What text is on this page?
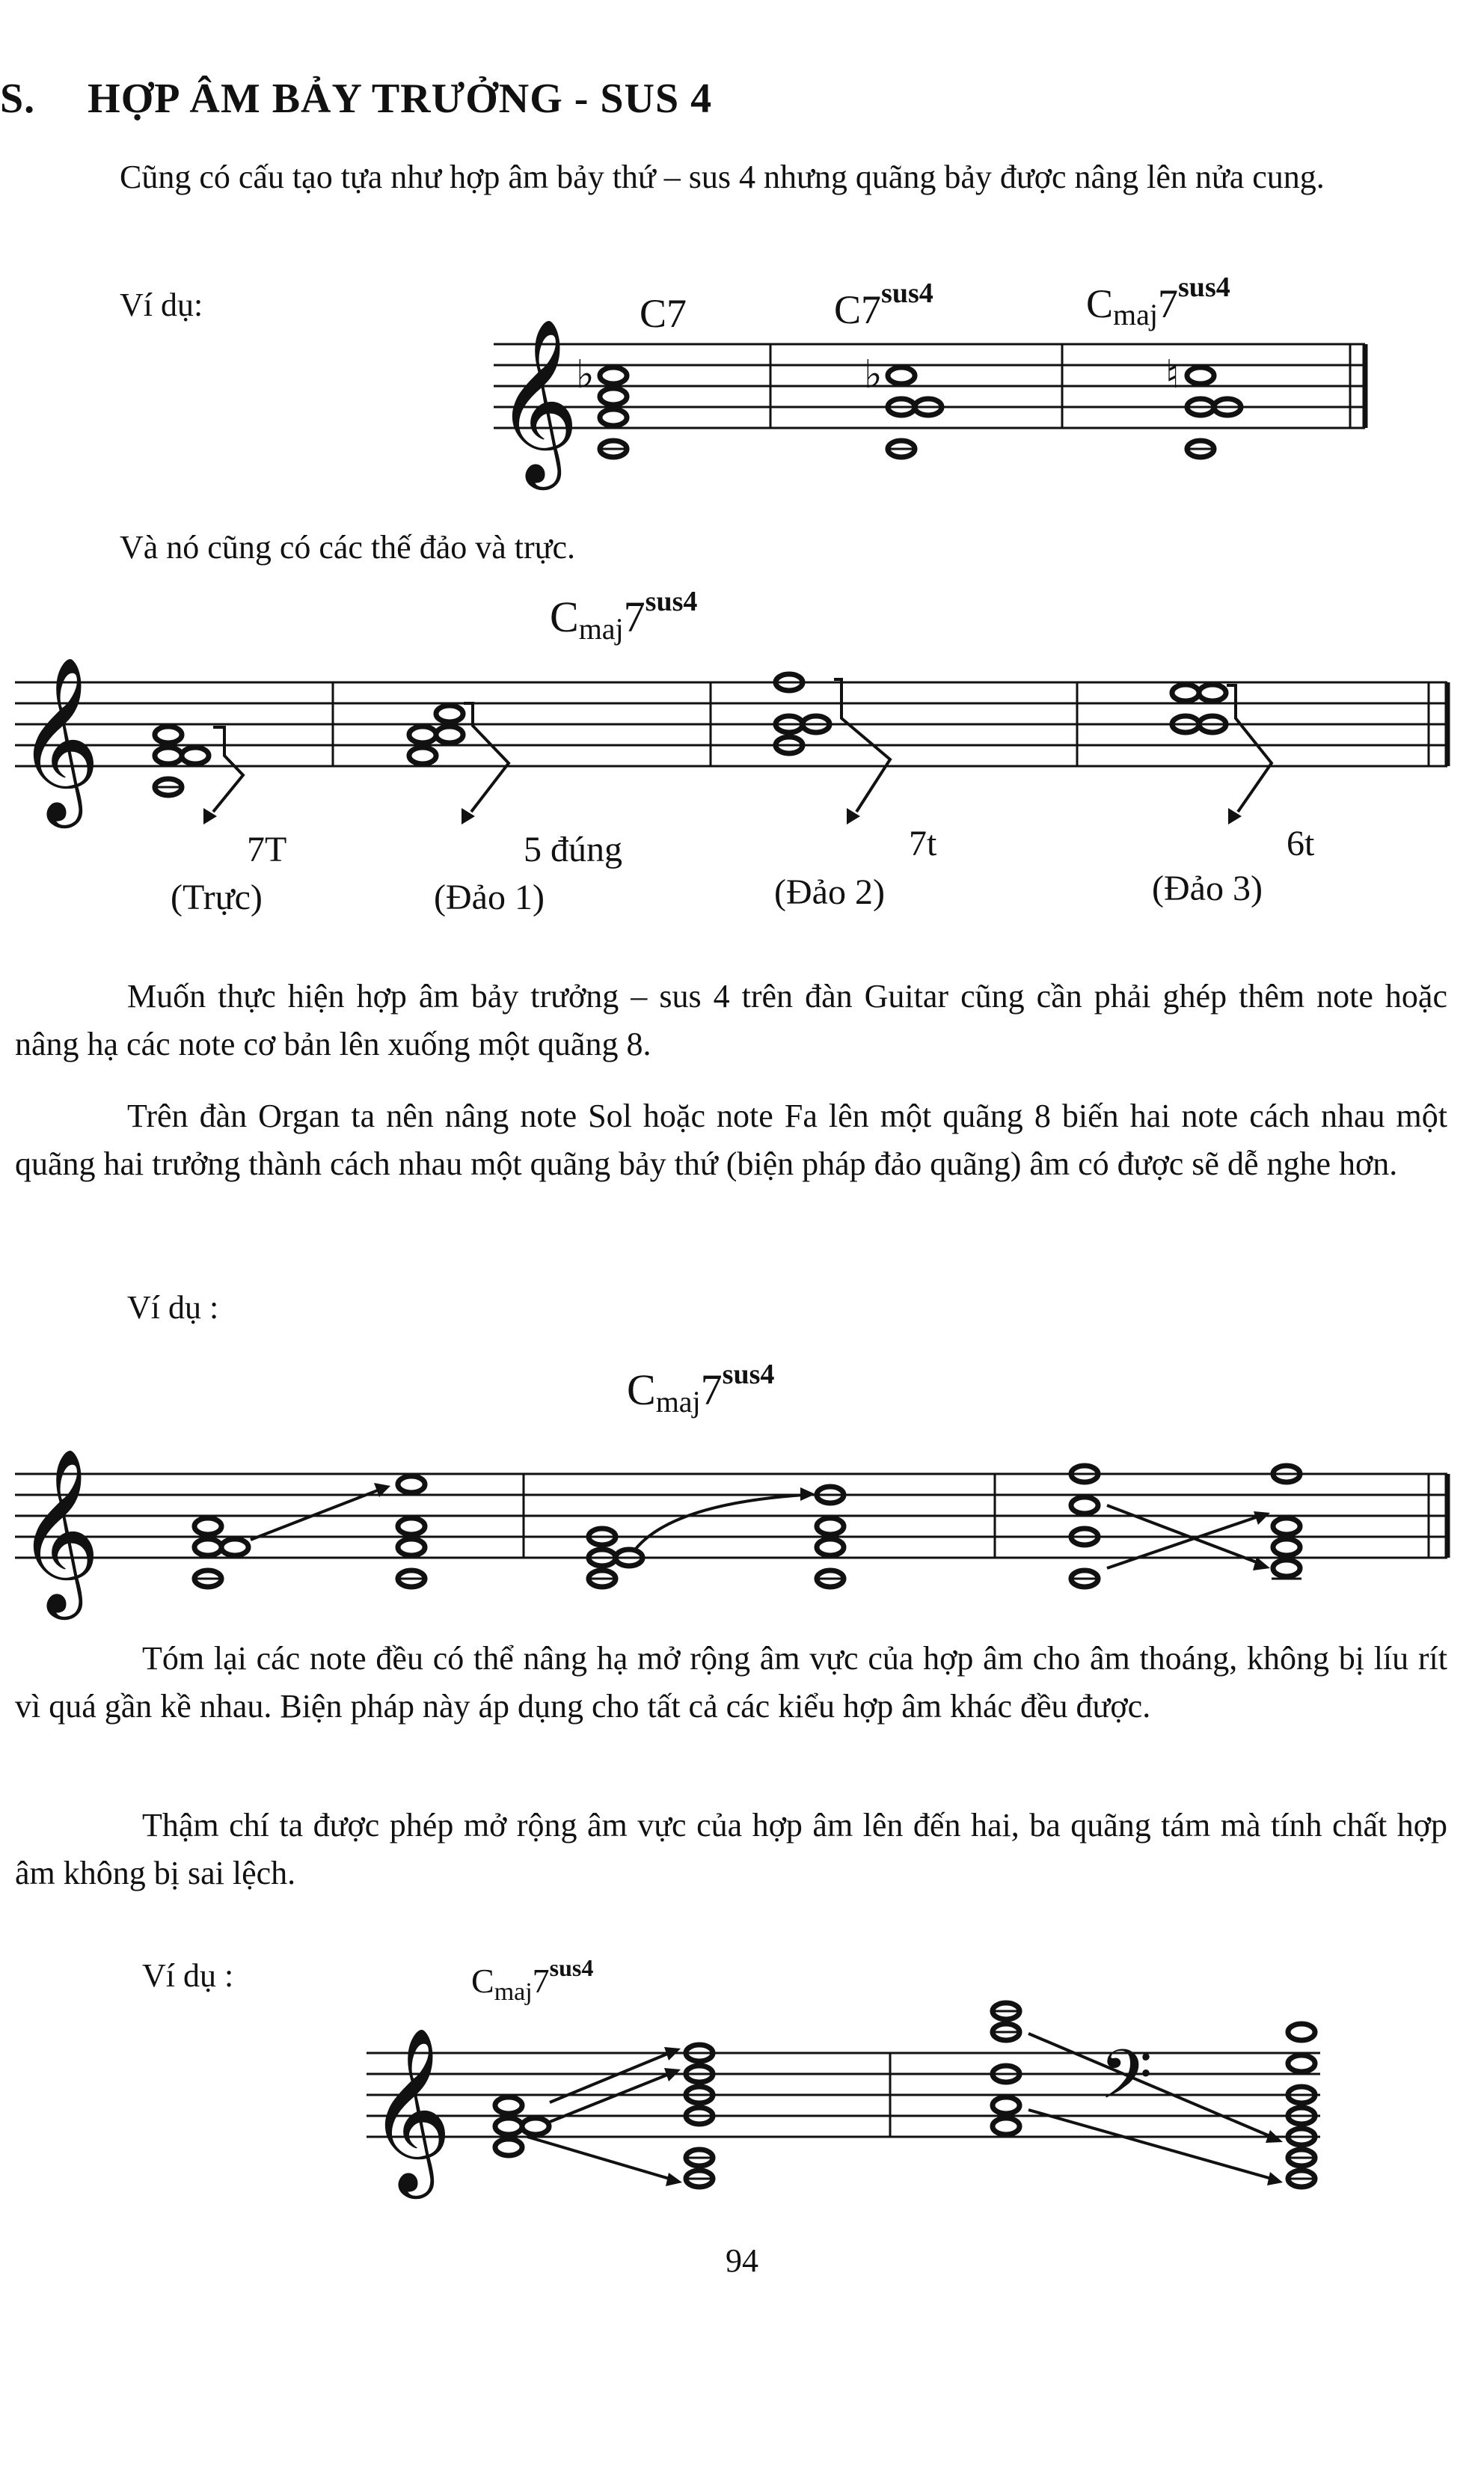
S. HỢP ÂM BẢY TRƯỞNG - SUS 4
Cũng có cấu tạo tựa như hợp âm bảy thứ – sus 4 nhưng quãng bảy được nâng lên nửa cung.
Ví dụ:	C7	$C7^{sus4}$	$C_{maj}7^{sus4}$
𝄞
♭	♭	♮
Và nó cũng có các thế đảo và trực.
$C_{maj}7^{sus4}$
𝄞
7T	5 đúng	7t	6t
(Trực)	(Đảo 1)	(Đảo 2)	(Đảo 3)
Muốn thực hiện hợp âm bảy trưởng – sus 4 trên đàn Guitar cũng cần phải ghép thêm note hoặc nâng hạ các note cơ bản lên xuống một quãng 8.
Trên đàn Organ ta nên nâng note Sol hoặc note Fa lên một quãng 8 biến hai note cách nhau một quãng hai trưởng thành cách nhau một quãng bảy thứ (biện pháp đảo quãng) âm có được sẽ dễ nghe hơn.
Ví dụ :
$C_{maj}7^{sus4}$
𝄞
Tóm lại các note đều có thể nâng hạ mở rộng âm vực của hợp âm cho âm thoáng, không bị líu rít vì quá gần kề nhau. Biện pháp này áp dụng cho tất cả các kiểu hợp âm khác đều được.
Thậm chí ta được phép mở rộng âm vực của hợp âm lên đến hai, ba quãng tám mà tính chất hợp âm không bị sai lệch.
Ví dụ :	$C_{maj}7^{sus4}$
𝄞	𝄢
94
